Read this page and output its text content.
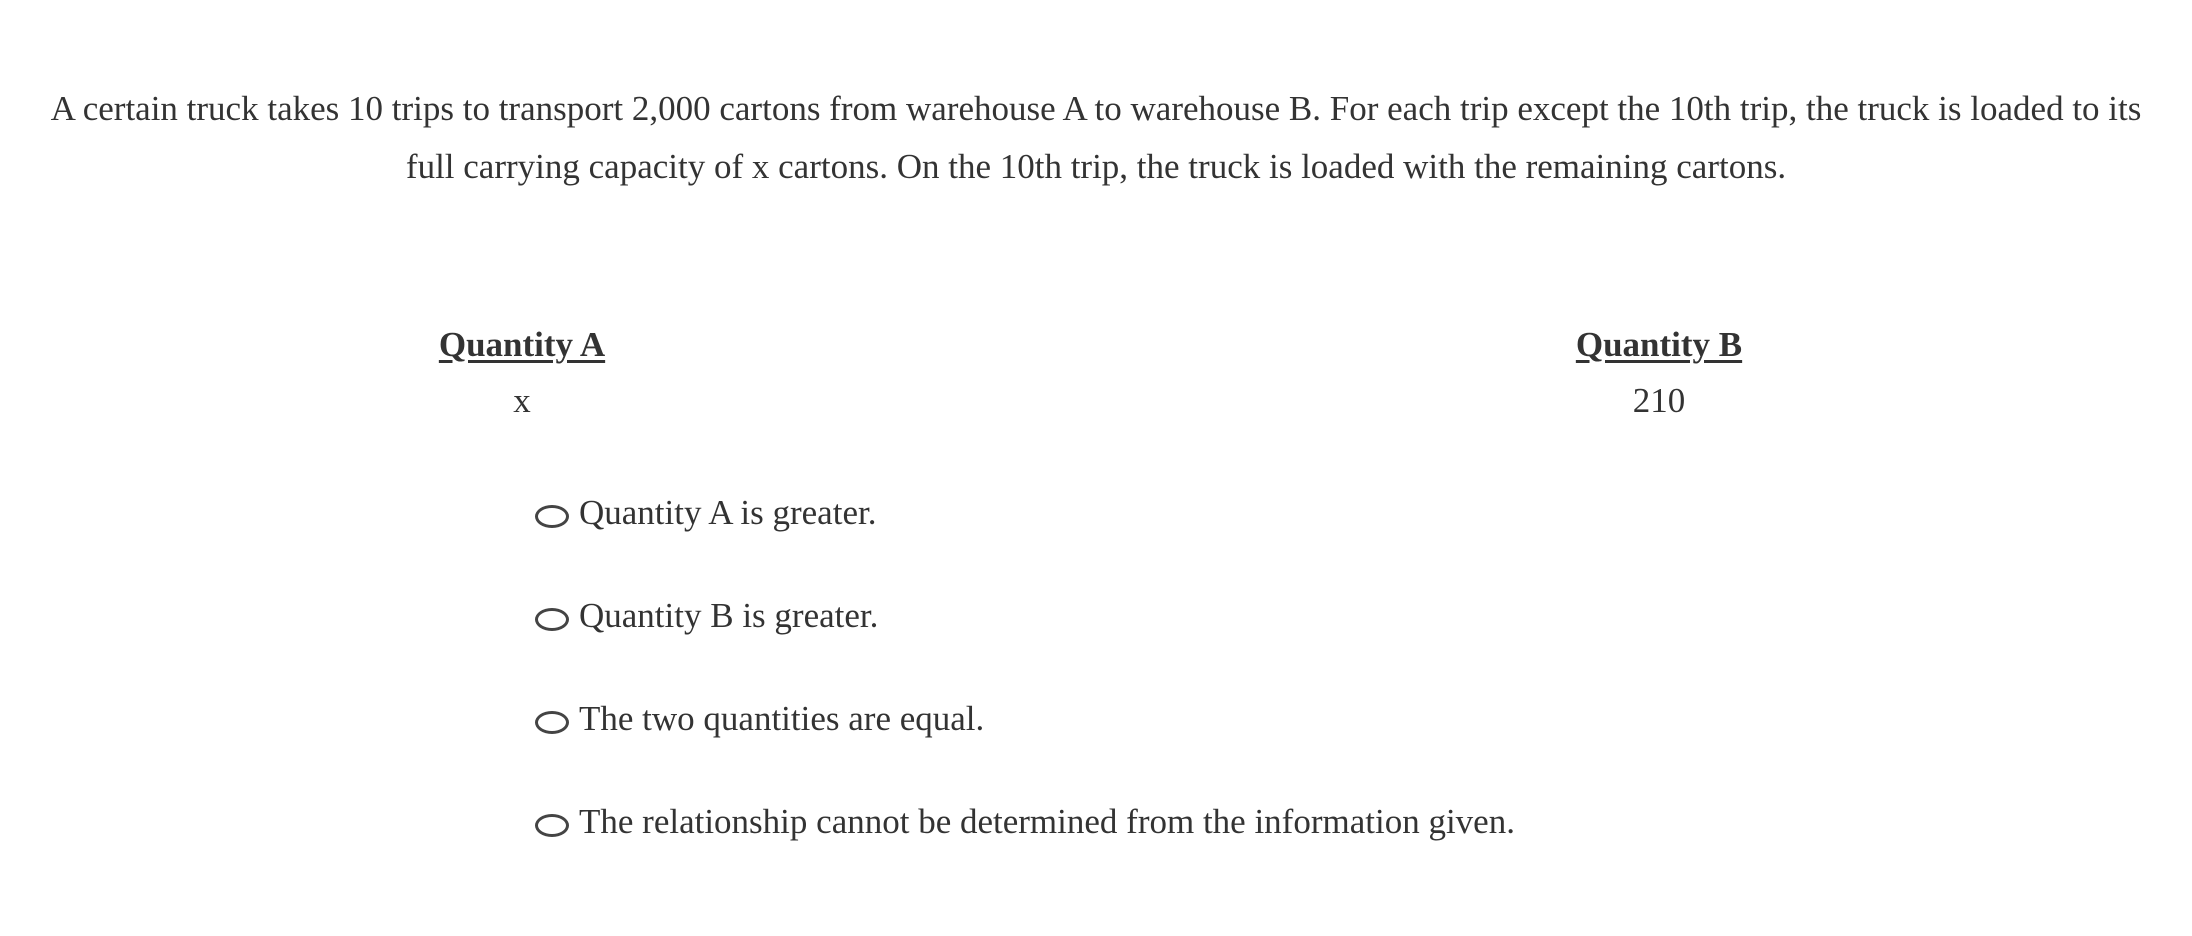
A certain truck takes 10 trips to transport 2,000 cartons from warehouse A to warehouse B. For each trip except the 10th trip, the truck is loaded to its full carrying capacity of x cartons. On the 10th trip, the truck is loaded with the remaining cartons.
Quantity A
x
Quantity B
210
Quantity A is greater.
Quantity B is greater.
The two quantities are equal.
The relationship cannot be determined from the information given.
